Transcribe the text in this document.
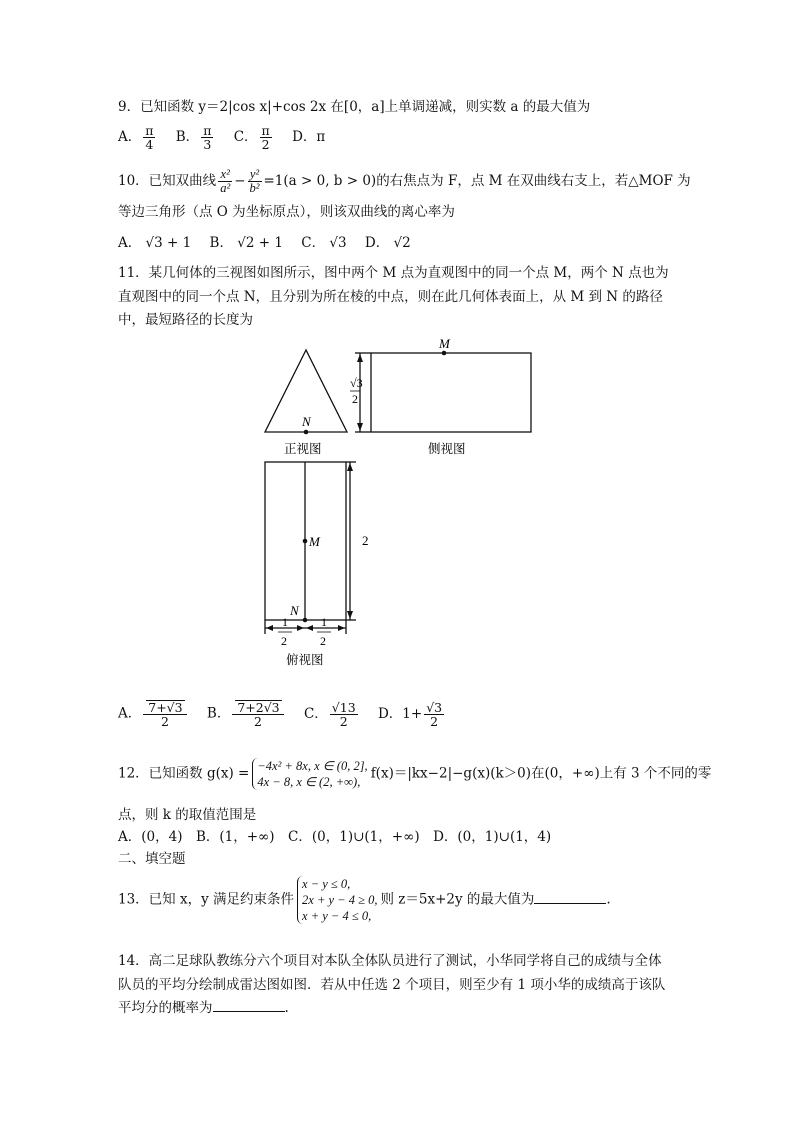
9．已知函数 y＝2|cos x|+cos 2x 在[0，a]上单调递减，则实数 a 的最大值为
A． $\frac{\pi}{4}$ B． $\frac{\pi}{3}$ C． $\frac{\pi}{2}$ D．π
10．已知双曲线 $\frac{\text{x²}}{\text{a²}} - \frac{\text{y²}}{\text{b²}} =1(a > 0$, b > 0)的右焦点为 F，点 M 在双曲线右支上，若△MOF 为
等边三角形（点 O 为坐标原点），则该双曲线的离心率为
A． √3 + 1 B． √2 + 1 C． √3 D． √2
11．某几何体的三视图如图所示，图中两个 M 点为直观图中的同一个点 M，两个 N 点也为
直观图中的同一个点 N，且分别为所在棱的中点，则在此几何体表面上，从 M 到 N 的路径
中，最短路径的长度为
N
M
M
N
√3
2
2
1
2
1
2
正视图	侧视图
俯视图
A． $\frac{7+√3}{2}$ B． $\frac{7+2√3}{2}$ C． $\frac{√13}{2}$ D．$1+ \frac{√3}{2}$
12．已知函数 g(x) = −4x² + 8x, x ∈ (0, 2],
4x − 8, x ∈ (2, +∞),
f(x)＝|kx−2|−g(x)(k＞0)在(0，+∞)上有 3 个不同的零
点，则 k 的取值范围是
A．(0，4)　B．(1，+∞)　C．(0，1)∪(1，+∞)　D．(0，1)∪(1，4)
二、填空题
13．已知 x，y 满足约束条件
x − y ≤ 0,
2x + y − 4 ≥ 0,
x + y − 4 ≤ 0,
则 z＝5x+2y 的最大值为	.
14．高二足球队教练分六个项目对本队全体队员进行了测试，小华同学将自己的成绩与全体
队员的平均分绘制成雷达图如图．若从中任选 2 个项目，则至少有 1 项小华的成绩高于该队
平均分的概率为	.
